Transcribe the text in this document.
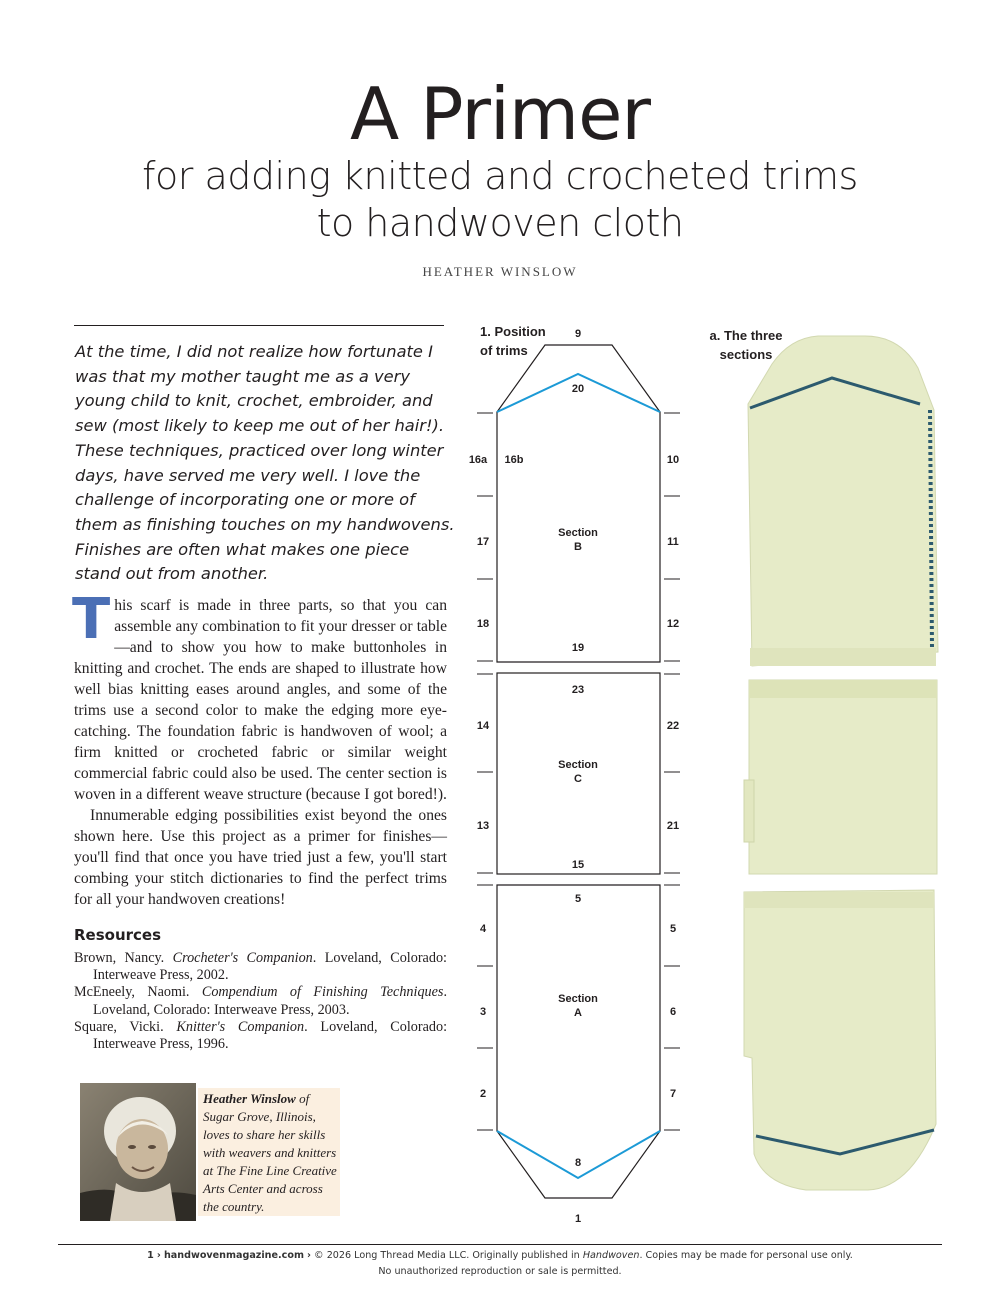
A Primer
for adding knitted and crocheted trims
to handwoven cloth
HEATHER WINSLOW
At the time, I did not realize how fortunate I was that my mother taught me as a very young child to knit, crochet, embroider, and sew (most likely to keep me out of her hair!). These techniques, practiced over long winter days, have served me very well. I love the challenge of incorporating one or more of them as finishing touches on my handwovens. Finishes are often what makes one piece stand out from another.

This scarf is made in three parts, so that you can assemble any combination to fit your dresser or table—and to show you how to make buttonholes in knitting and crochet. The ends are shaped to illustrate how well bias knitting eases around angles, and some of the trims use a second color to make the edging more eye-catching. The foundation fabric is handwoven of wool; a firm knitted or crocheted fabric or similar weight commercial fabric could also be used. The center section is woven in a different weave structure (because I got bored!).

Innumerable edging possibilities exist beyond the ones shown here. Use this project as a primer for finishes—you'll find that once you have tried just a few, you'll start combing your stitch dictionaries to find the perfect trims for all your handwoven creations!

Resources
Brown, Nancy. Crocheter's Companion. Loveland, Colorado: Interweave Press, 2002.
McEneely, Naomi. Compendium of Finishing Techniques. Loveland, Colorado: Interweave Press, 2003.
Square, Vicki. Knitter's Companion. Loveland, Colorado: Interweave Press, 1996.
Heather Winslow of Sugar Grove, Illinois, loves to share her skills with weavers and knitters at The Fine Line Creative Arts Center and across the country.
1. Position
of trims
9
20
16a 16b	10
Section
B
17	11
18	12
19
23
14	22
Section
C
13	21
15
5
4	5
Section
A
3	6
2	7
8
1
a. The three
sections
1 › handwovenmagazine.com › © 2026 Long Thread Media LLC. Originally published in Handwoven. Copies may be made for personal use only.
No unauthorized reproduction or sale is permitted.
